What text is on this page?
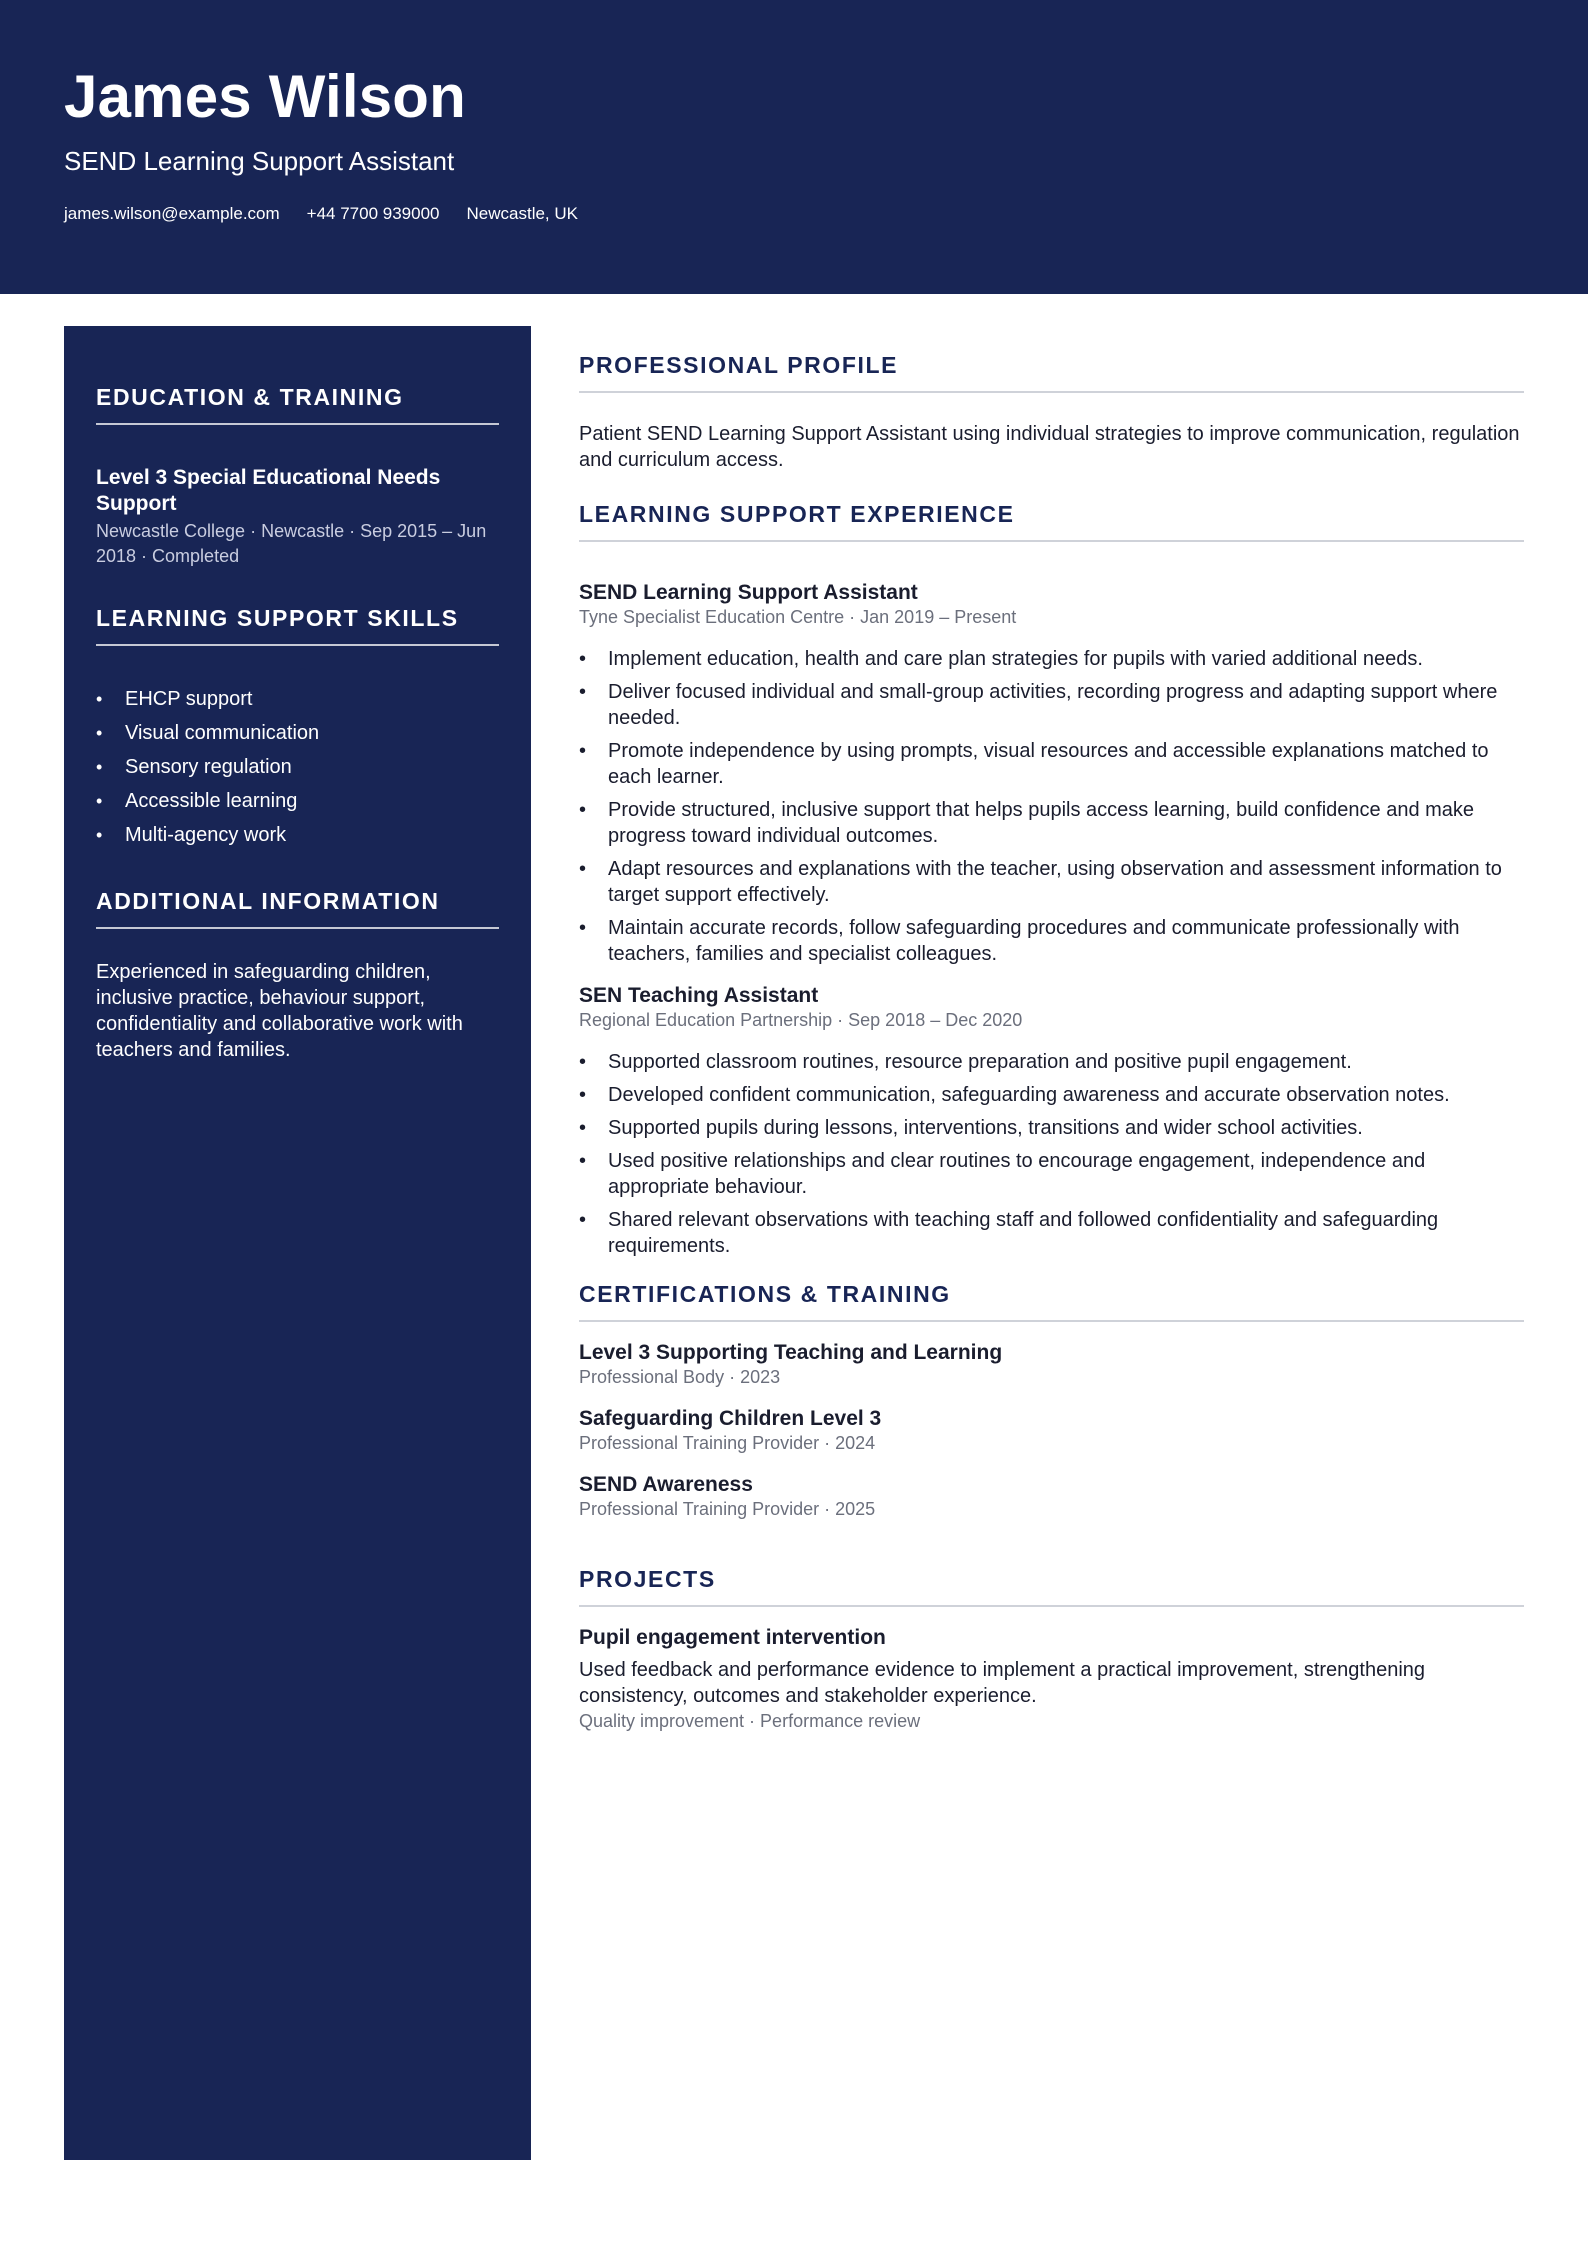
James Wilson
SEND Learning Support Assistant
james.wilson@example.com +44 7700 939000 Newcastle, UK
EDUCATION & TRAINING
Level 3 Special Educational Needs Support
Newcastle College · Newcastle · Sep 2015 – Jun 2018 · Completed
LEARNING SUPPORT SKILLS
• EHCP support
• Visual communication
• Sensory regulation
• Accessible learning
• Multi-agency work
ADDITIONAL INFORMATION
Experienced in safeguarding children, inclusive practice, behaviour support, confidentiality and collaborative work with teachers and families.
PROFESSIONAL PROFILE
Patient SEND Learning Support Assistant using individual strategies to improve communication, regulation and curriculum access.
LEARNING SUPPORT EXPERIENCE
SEND Learning Support Assistant
Tyne Specialist Education Centre · Jan 2019 – Present
• Implement education, health and care plan strategies for pupils with varied additional needs.
• Deliver focused individual and small-group activities, recording progress and adapting support where needed.
• Promote independence by using prompts, visual resources and accessible explanations matched to each learner.
• Provide structured, inclusive support that helps pupils access learning, build confidence and make progress toward individual outcomes.
• Adapt resources and explanations with the teacher, using observation and assessment information to target support effectively.
• Maintain accurate records, follow safeguarding procedures and communicate professionally with teachers, families and specialist colleagues.
SEN Teaching Assistant
Regional Education Partnership · Sep 2018 – Dec 2020
• Supported classroom routines, resource preparation and positive pupil engagement.
• Developed confident communication, safeguarding awareness and accurate observation notes.
• Supported pupils during lessons, interventions, transitions and wider school activities.
• Used positive relationships and clear routines to encourage engagement, independence and appropriate behaviour.
• Shared relevant observations with teaching staff and followed confidentiality and safeguarding requirements.
CERTIFICATIONS & TRAINING
Level 3 Supporting Teaching and Learning
Professional Body · 2023
Safeguarding Children Level 3
Professional Training Provider · 2024
SEND Awareness
Professional Training Provider · 2025
PROJECTS
Pupil engagement intervention
Used feedback and performance evidence to implement a practical improvement, strengthening consistency, outcomes and stakeholder experience.
Quality improvement · Performance review
